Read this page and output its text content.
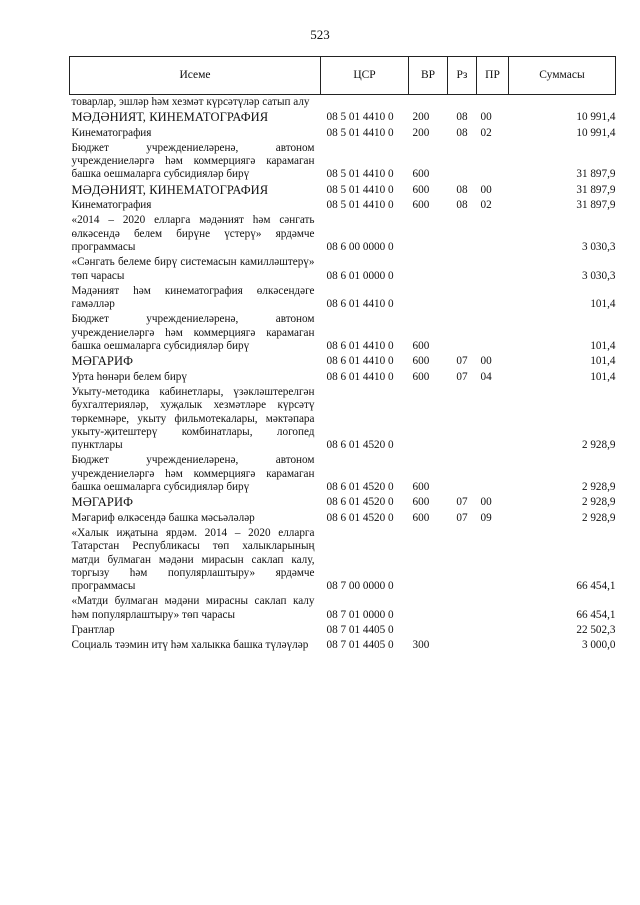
523
Исеме	ЦСР	ВР	Рз	ПР	Суммасы
товарлар, эшләр һәм хезмәт күрсәтүләр сатып алу					
МӘДӘНИЯТ, КИНЕМАТОГРАФИЯ	08 5 01 4410 0	200	08	00	10 991,4
Кинематография	08 5 01 4410 0	200	08	02	10 991,4
Бюджет учреждениеләренә, автоном учреждениеләргә һәм коммерциягә карамаган башка оешмаларга субсидияләр бирү	08 5 01 4410 0	600			31 897,9
МӘДӘНИЯТ, КИНЕМАТОГРАФИЯ	08 5 01 4410 0	600	08	00	31 897,9
Кинематография	08 5 01 4410 0	600	08	02	31 897,9
«2014 – 2020 елларга мәдәният һәм сәнгать өлкәсендә белем бирүне үстерү» ярдәмче программасы	08 6 00 0000 0				3 030,3
«Сәнгать белеме бирү системасын камилләштерү» төп чарасы	08 6 01 0000 0				3 030,3
Мәдәният һәм кинематография өлкәсендәге гамәлләр	08 6 01 4410 0				101,4
Бюджет учреждениеләренә, автоном учреждениеләргә һәм коммерциягә карамаган башка оешмаларга субсидияләр бирү	08 6 01 4410 0	600			101,4
МӘГАРИФ	08 6 01 4410 0	600	07	00	101,4
Урта һөнәри белем бирү	08 6 01 4410 0	600	07	04	101,4
Укыту-методика кабинетлары, үзәкләштерелгән бухгалтерияләр, хуҗалык хезмәтләре күрсәтү төркемнәре, укыту фильмотекалары, мәктәпара укыту-җитештерү комбинатлары, логопед пунктлары	08 6 01 4520 0				2 928,9
Бюджет учреждениеләренә, автоном учреждениеләргә һәм коммерциягә карамаган башка оешмаларга субсидияләр бирү	08 6 01 4520 0	600			2 928,9
МӘГАРИФ	08 6 01 4520 0	600	07	00	2 928,9
Мәгариф өлкәсендә башка мәсьәләләр	08 6 01 4520 0	600	07	09	2 928,9
«Халык иҗатына ярдәм. 2014 – 2020 елларга Татарстан Республикасы төп халыкларының матди булмаган мәдәни мирасын саклап калу, торгызу һәм популярлаштыру» ярдәмче программасы	08 7 00 0000 0				66 454,1
«Матди булмаган мәдәни мирасны саклап калу һәм популярлаштыру» төп чарасы	08 7 01 0000 0				66 454,1
Грантлар	08 7 01 4405 0				22 502,3
Социаль тәэмин итү һәм халыкка башка түләүләр	08 7 01 4405 0	300			3 000,0
